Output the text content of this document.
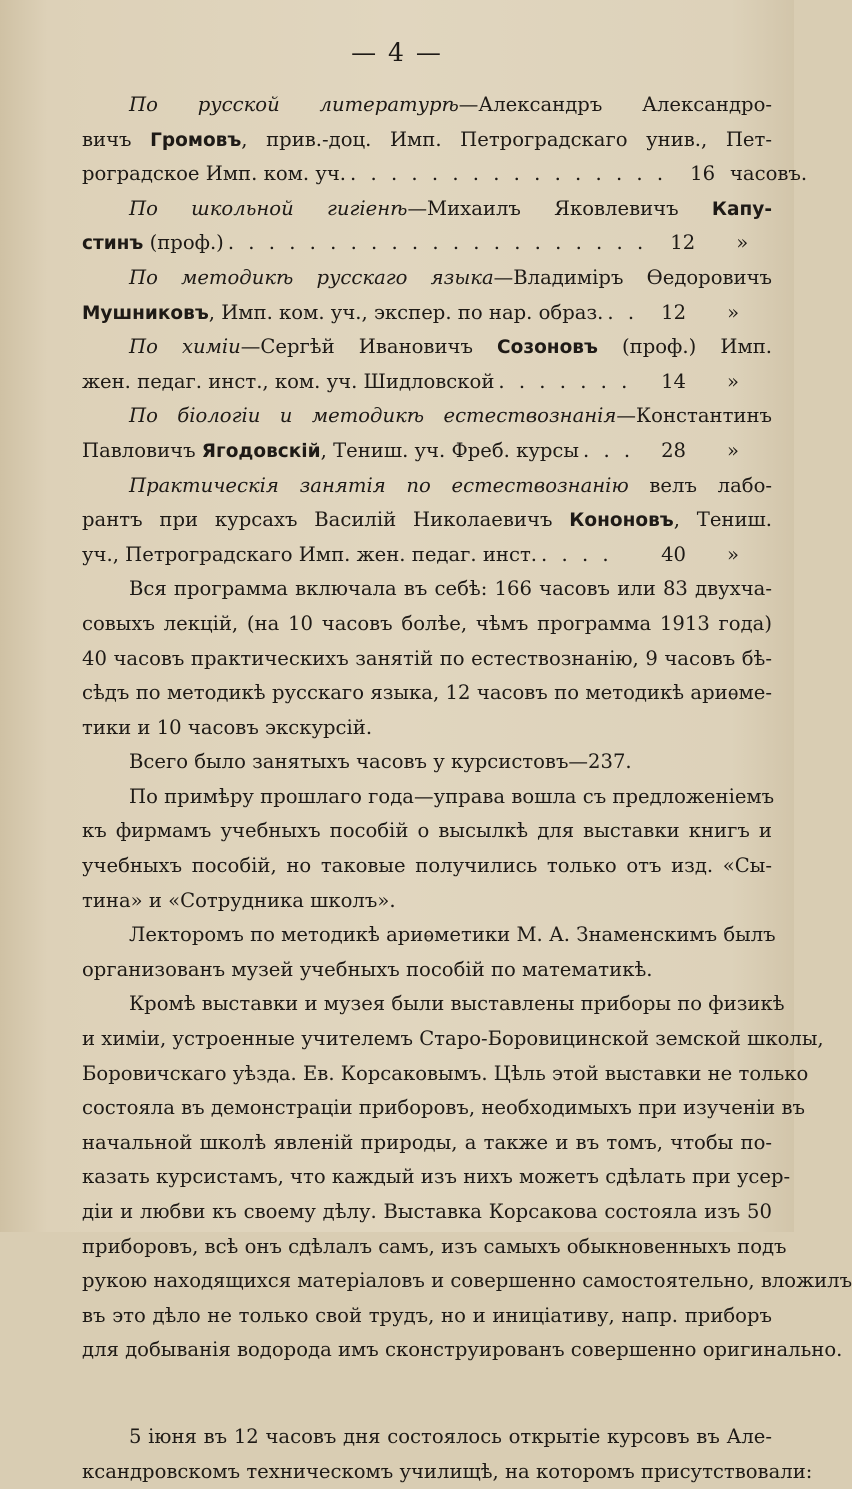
— 4 —
По русской литературѣ—Александръ Александро-
вичъ Громовъ, прив.-доц. Имп. Петроградскаго унив., Пет-
роградское Имп. ком. уч. . . . . . . . . . . . . . . . .	16 часовъ.
По школьной гигіенѣ—Михаилъ Яковлевичъ Капу-
стинъ (проф.) . . . . . . . . . . . . . . . . . . . . .	12	»
По методикѣ русскаго языка—Владиміръ Ѳедоровичъ
Мушниковъ, Имп. ком. уч., экспер. по нар. образ. . .	12	»
По химіи—Сергѣй Ивановичъ Созоновъ (проф.) Имп.
жен. педаг. инст., ком. уч. Шидловской . . . . . . .	14	»
По біологіи и методикѣ естествознанія—Константинъ
Павловичъ Ягодовскій, Тениш. уч. Фреб. курсы . . .	28	»
Практическія занятія по естествознанію велъ лабо-
рантъ при курсахъ Василій Николаевичъ Кононовъ, Тениш.
уч., Петроградскаго Имп. жен. педаг. инст. . . . .	40	»
Вся программа включала въ себѣ: 166 часовъ или 83 двухча-
совыхъ лекцій, (на 10 часовъ болѣе, чѣмъ программа 1913 года)
40 часовъ практическихъ занятій по естествознанію, 9 часовъ бѣ-
сѣдъ по методикѣ русскаго языка, 12 часовъ по методикѣ ариѳме-
тики и 10 часовъ экскурсій.
Всего было занятыхъ часовъ у курсистовъ—237.
По примѣру прошлаго года—управа вошла съ предложеніемъ
къ фирмамъ учебныхъ пособій о высылкѣ для выставки книгъ и
учебныхъ пособій, но таковые получились только отъ изд. «Сы-
тина» и «Сотрудника школъ».
Лекторомъ по методикѣ ариѳметики М. А. Знаменскимъ былъ
организованъ музей учебныхъ пособій по математикѣ.
Кромѣ выставки и музея были выставлены приборы по физикѣ
и химіи, устроенные учителемъ Старо-Боровицинской земской школы,
Боровичскаго уѣзда. Ев. Корсаковымъ. Цѣль этой выставки не только
состояла въ демонстраціи приборовъ, необходимыхъ при изученіи въ
начальной школѣ явленій природы, а также и въ томъ, чтобы по-
казать курсистамъ, что каждый изъ нихъ можетъ сдѣлать при усер-
діи и любви къ своему дѣлу. Выставка Корсакова состояла изъ 50
приборовъ, всѣ онъ сдѣлалъ самъ, изъ самыхъ обыкновенныхъ подъ
рукою находящихся матеріаловъ и совершенно самостоятельно, вложилъ
въ это дѣло не только свой трудъ, но и иниціативу, напр. приборъ
для добыванія водорода имъ сконструированъ совершенно оригинально.
5 іюня въ 12 часовъ дня состоялось открытіе курсовъ въ Але-
ксандровскомъ техническомъ училищѣ, на которомъ присутствовали:
